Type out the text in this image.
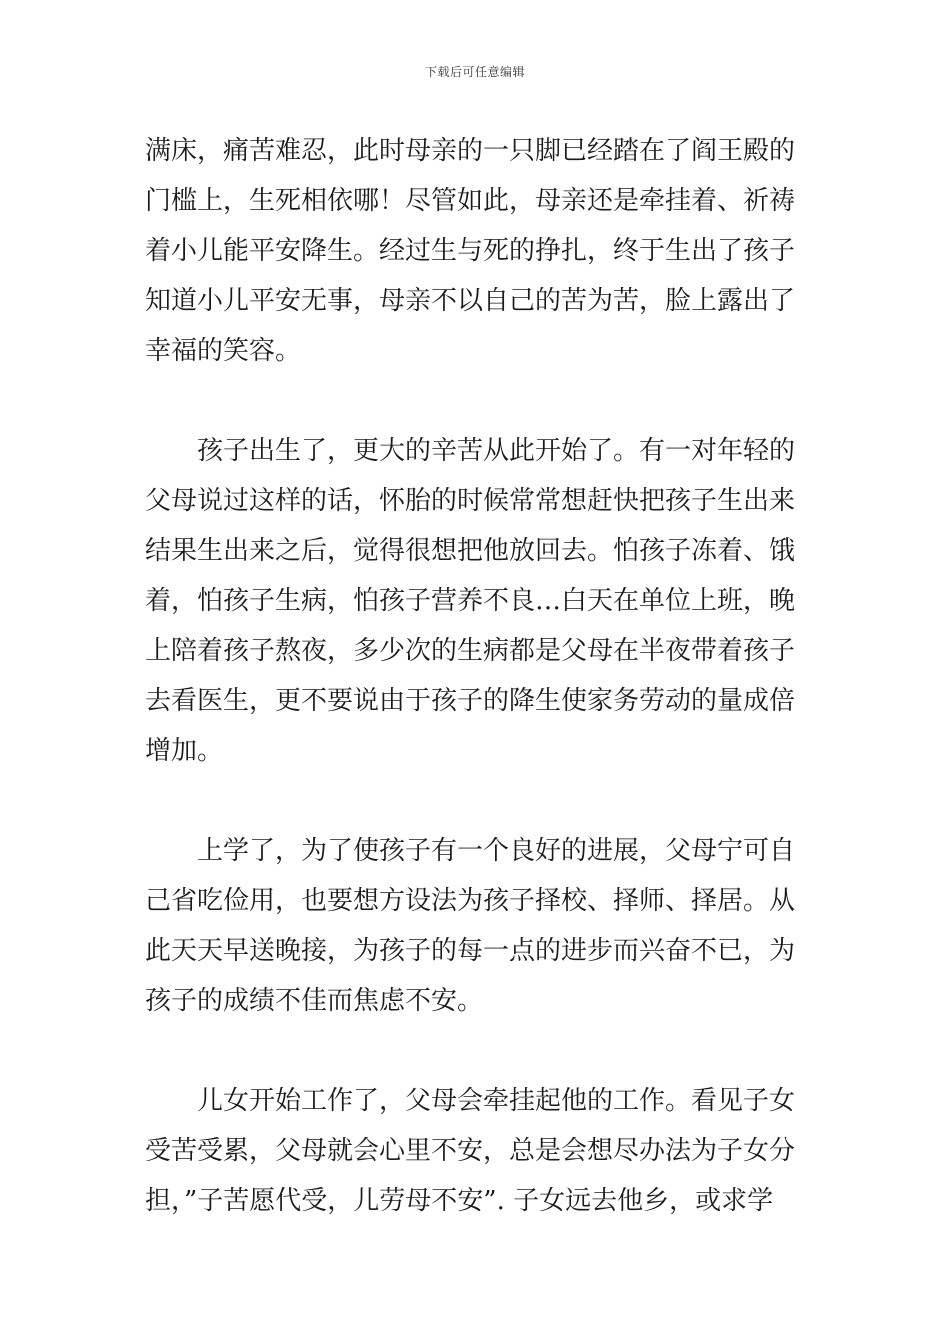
下载后可任意编辑
满床，痛苦难忍，此时母亲的一只脚已经踏在了阎王殿的
门槛上，生死相依哪！尽管如此，母亲还是牵挂着、祈祷
着小儿能平安降生。经过生与死的挣扎，终于生出了孩子
知道小儿平安无事，母亲不以自己的苦为苦，脸上露出了
幸福的笑容。
孩子出生了，更大的辛苦从此开始了。有一对年轻的
父母说过这样的话，怀胎的时候常常想赶快把孩子生出来
结果生出来之后，觉得很想把他放回去。怕孩子冻着、饿
着，怕孩子生病，怕孩子营养不良…白天在单位上班，晚
上陪着孩子熬夜，多少次的生病都是父母在半夜带着孩子
去看医生，更不要说由于孩子的降生使家务劳动的量成倍
增加。
上学了，为了使孩子有一个良好的进展，父母宁可自
己省吃俭用，也要想方设法为孩子择校、择师、择居。从
此天天早送晚接，为孩子的每一点的进步而兴奋不已，为
孩子的成绩不佳而焦虑不安。
儿女开始工作了，父母会牵挂起他的工作。看见子女
受苦受累，父母就会心里不安，总是会想尽办法为子女分
担，”子苦愿代受，儿劳母不安”. 子女远去他乡，或求学
